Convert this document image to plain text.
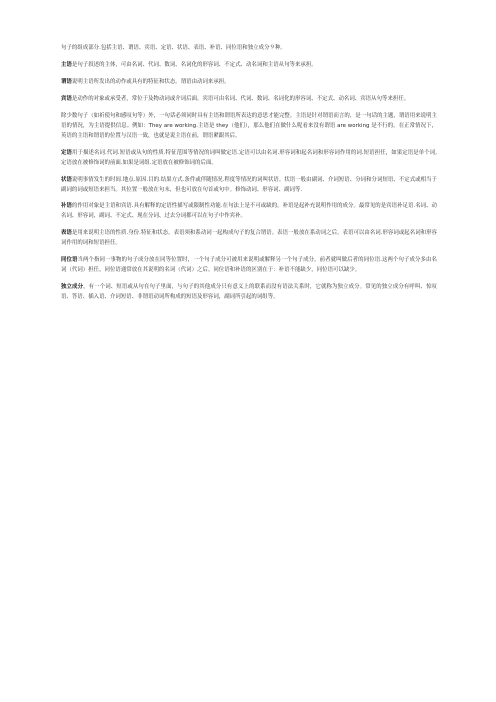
句子的组成部分.包括主语、谓语、宾语、定语、状语、表语、补语、同位语和独立成分９种。

主语是句子叙述的主体，可由名词、代词、数词、名词化的形容词、不定式、动名词和主语从句等来承担。

谓语说明主语所发出的动作或具有的特征和状态。谓语由动词来承担。

宾语是动作的对象或承受者，常位于及物动词或介词后面。宾语可由名词、代词、数词、名词化的形容词、不定式、动名词、宾语从句等来担任。

除少数句子（如祈使句和感叹句等）外，一句话必须同时具有主语和谓语所表达的意思才能完整。主语是针对谓语而言的，是一句话的主题，谓语用来说明主语的情况，为主语提供信息。例如：They are working.主语是 they（他们），那么他们在做什么呢看来没有谓语 are working 是不行的。在正常情况下，英语的主语和谓语的位置与汉语一致，也就是说主语在前，谓语紧跟其后。

定语用于描述名词.代词.短语或从句的性质.特征范围等情况的词叫做定语.定语可以由名词.形容词和起名词和形容词作用的词.短语担任，如果定语是单个词,定语放在被修饰词的前面.如果是词组.定语放在被修饰词的后面。

状语说明事情发生的时间.地点.原因.目的.结果方式.条件或伴随情况.程度等情况的词叫状语。状语一般由副词、介词短语、分词和分词短语、不定式或相当于副词的词或短语来担当。其位置一般放在句末，但也可放在句首或句中。修饰动词、形容词、副词等.

补语的作用对象是主语和宾语.具有解释的定语性描写或限制性功能.在句法上是不可或缺的。补语是起补充说明作用的成分。最常见的是宾语补足语.名词、动名词、形容词，副词、不定式、现在分词、过去分词都可以在句子中作宾补。

表语是用来说明主语的性质.身份.特征和状态。表语须和系动词一起构成句子的复合谓语。表语一般放在系动词之后。表语可以由名词.形容词或起名词和形容词作用的词和短语担任。

同位语当两个指同一事物的句子成分放在同等位置时，一个句子成分可被用来说明或解释另一个句子成分，前者就叫做后者的同位语.这两个句子成分多由名词（代词）担任，同位语通常放在其说明的名词（代词）之后。同位语和补语的区别在于：补语不能缺少，同位语可以缺少。

独立成分，有一个词、短语或从句在句子里面，与句子的其他成分只有意义上的联系而没有语法关系时，它就称为独立成分。常见的独立成分有呼叫、惊叹语、答语、插入语、介词短语、非谓语动词所构成的短语及形容词，副词所引起的词组等。
